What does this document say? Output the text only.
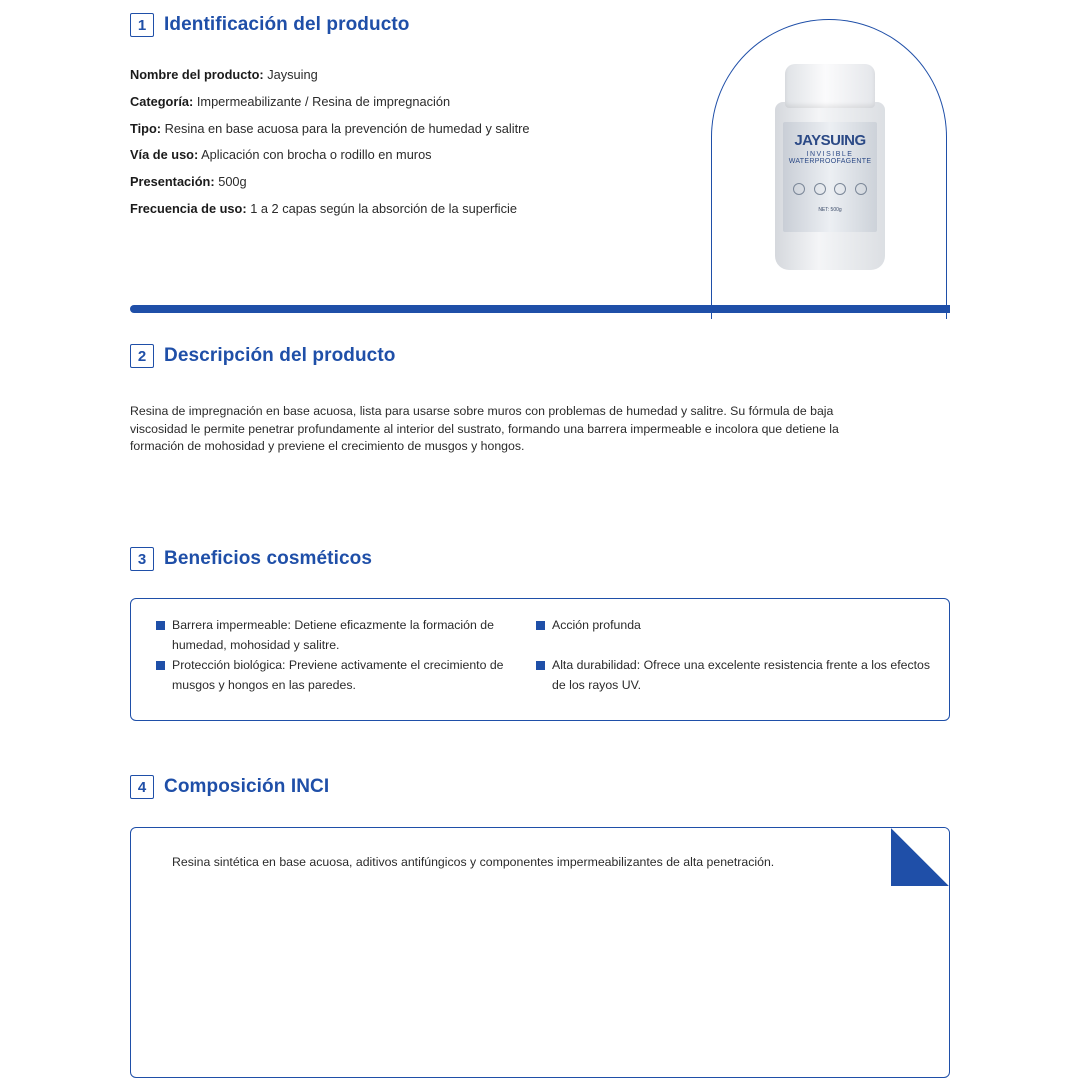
1 Identificación del producto
Nombre del producto: Jaysuing
Categoría: Impermeabilizante / Resina de impregnación
Tipo: Resina en base acuosa para la prevención de humedad y salitre
Vía de uso: Aplicación con brocha o rodillo en muros
Presentación: 500g
Frecuencia de uso: 1 a 2 capas según la absorción de la superficie
JAYSUING
INVISIBLE
WATERPROOFAGENTE
NET: 500g
2 Descripción del producto
Resina de impregnación en base acuosa, lista para usarse sobre muros con problemas de humedad y salitre. Su fórmula de baja viscosidad le permite penetrar profundamente al interior del sustrato, formando una barrera impermeable e incolora que detiene la formación de mohosidad y previene el crecimiento de musgos y hongos.
3 Beneficios cosméticos
Barrera impermeable: Detiene eficazmente la formación de humedad, mohosidad y salitre.
Protección biológica: Previene activamente el crecimiento de musgos y hongos en las paredes.
Acción profunda
Alta durabilidad: Ofrece una excelente resistencia frente a los efectos de los rayos UV.
4 Composición INCI
Resina sintética en base acuosa, aditivos antifúngicos y componentes impermeabilizantes de alta penetración.
